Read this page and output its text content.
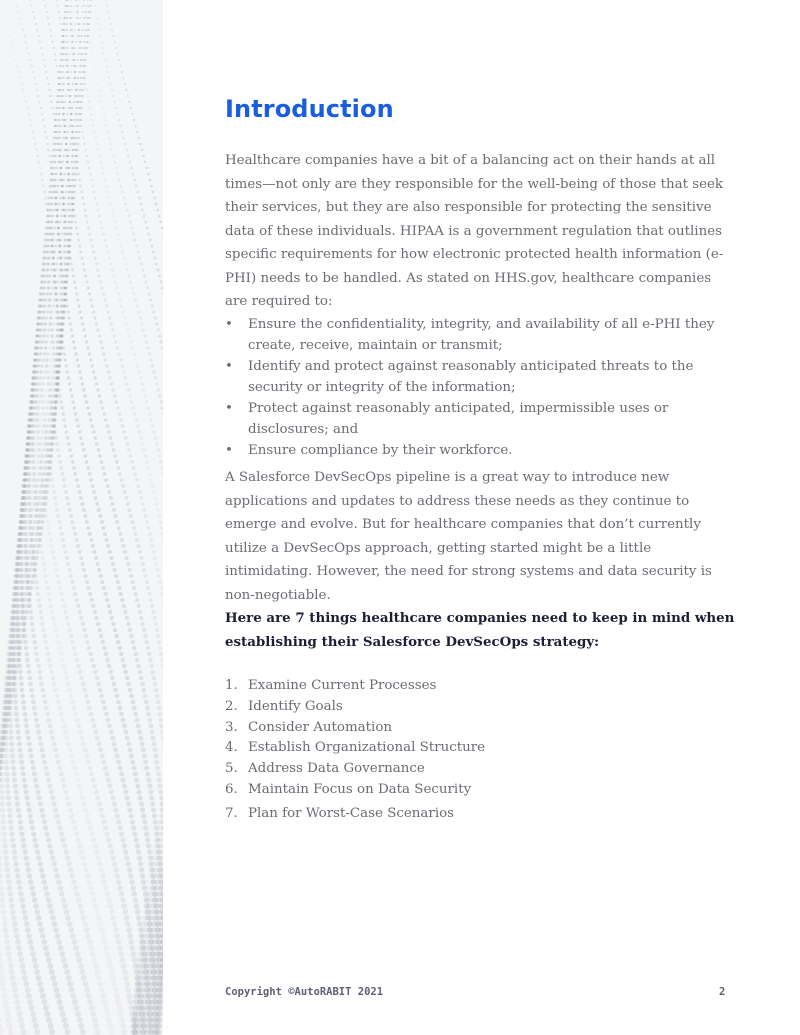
Introduction

Healthcare companies have a bit of a balancing act on their hands at all times—not only are they responsible for the well-being of those that seek their services, but they are also responsible for protecting the sensitive data of these individuals. HIPAA is a government regulation that outlines specific requirements for how electronic protected health information (e-PHI) needs to be handled. As stated on HHS.gov, healthcare companies are required to:

• Ensure the confidentiality, integrity, and availability of all e-PHI they create, receive, maintain or transmit;
• Identify and protect against reasonably anticipated threats to the security or integrity of the information;
• Protect against reasonably anticipated, impermissible uses or disclosures; and
• Ensure compliance by their workforce.

A Salesforce DevSecOps pipeline is a great way to introduce new applications and updates to address these needs as they continue to emerge and evolve. But for healthcare companies that don’t currently utilize a DevSecOps approach, getting started might be a little intimidating. However, the need for strong systems and data security is non-negotiable.

Here are 7 things healthcare companies need to keep in mind when establishing their Salesforce DevSecOps strategy:

1. Examine Current Processes
2. Identify Goals
3. Consider Automation
4. Establish Organizational Structure
5. Address Data Governance
6. Maintain Focus on Data Security
7. Plan for Worst-Case Scenarios
Copyright ©AutoRABIT 2021	2
